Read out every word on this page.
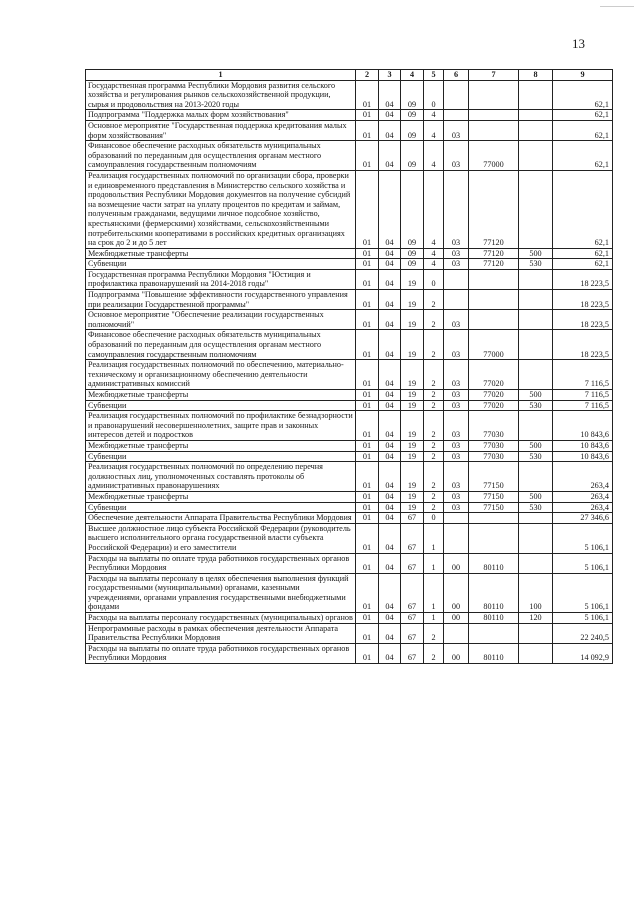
13
1	2	3	4	5	6	7	8	9
Государственная программа Республики Мордовия развития сельского хозяйства и регулирования рынков сельскохозяйственной продукции, сырья и продовольствия на 2013-2020 годы	01	04	09	0				62,1
Подпрограмма "Поддержка малых форм хозяйствования"	01	04	09	4				62,1
Основное мероприятие "Государственная поддержка кредитования малых форм хозяйствования"	01	04	09	4	03			62,1
Финансовое обеспечение расходных обязательств муниципальных образований по переданным для осуществления органам местного самоуправления государственным полномочиям	01	04	09	4	03	77000		62,1
Реализация государственных полномочий по организации сбора, проверки и единовременного представления в Министерство сельского хозяйства и продовольствия Республики Мордовия документов на получение субсидий на возмещение части затрат на уплату процентов по кредитам и займам, полученным гражданами, ведущими личное подсобное хозяйство, крестьянскими (фермерскими) хозяйствами, сельскохозяйственными потребительскими кооперативами в российских кредитных организациях на срок до 2 и до 5 лет	01	04	09	4	03	77120		62,1
Межбюджетные трансферты	01	04	09	4	03	77120	500	62,1
Субвенции	01	04	09	4	03	77120	530	62,1
Государственная программа Республики Мордовия "Юстиция и профилактика правонарушений на 2014-2018 годы"	01	04	19	0				18 223,5
Подпрограмма "Повышение эффективности государственного управления при реализации Государственной программы"	01	04	19	2				18 223,5
Основное мероприятие "Обеспечение реализации государственных полномочий"	01	04	19	2	03			18 223,5
Финансовое обеспечение расходных обязательств муниципальных образований по переданным для осуществления органам местного самоуправления государственным полномочиям	01	04	19	2	03	77000		18 223,5
Реализация государственных полномочий по обеспечению, материально-техническому и организационному обеспечению деятельности административных комиссий	01	04	19	2	03	77020		7 116,5
Межбюджетные трансферты	01	04	19	2	03	77020	500	7 116,5
Субвенции	01	04	19	2	03	77020	530	7 116,5
Реализация государственных полномочий по профилактике безнадзорности и правонарушений несовершеннолетних, защите прав и законных интересов детей и подростков	01	04	19	2	03	77030		10 843,6
Межбюджетные трансферты	01	04	19	2	03	77030	500	10 843,6
Субвенции	01	04	19	2	03	77030	530	10 843,6
Реализация государственных полномочий по определению перечня должностных лиц, уполномоченных составлять протоколы об административных правонарушениях	01	04	19	2	03	77150		263,4
Межбюджетные трансферты	01	04	19	2	03	77150	500	263,4
Субвенции	01	04	19	2	03	77150	530	263,4
Обеспечение деятельности Аппарата Правительства Республики Мордовия	01	04	67	0				27 346,6
Высшее должностное лицо субъекта Российской Федерации (руководитель высшего исполнительного органа государственной власти субъекта Российской Федерации) и его заместители	01	04	67	1				5 106,1
Расходы на выплаты по оплате труда работников государственных органов Республики Мордовия	01	04	67	1	00	80110		5 106,1
Расходы на выплаты персоналу в целях обеспечения выполнения функций государственными (муниципальными) органами, казенными учреждениями, органами управления государственными внебюджетными фондами	01	04	67	1	00	80110	100	5 106,1
Расходы на выплаты персоналу государственных (муниципальных) органов	01	04	67	1	00	80110	120	5 106,1
Непрограммные расходы в рамках обеспечения деятельности Аппарата Правительства Республики Мордовия	01	04	67	2				22 240,5
Расходы на выплаты по оплате труда работников государственных органов Республики Мордовия	01	04	67	2	00	80110		14 092,9
